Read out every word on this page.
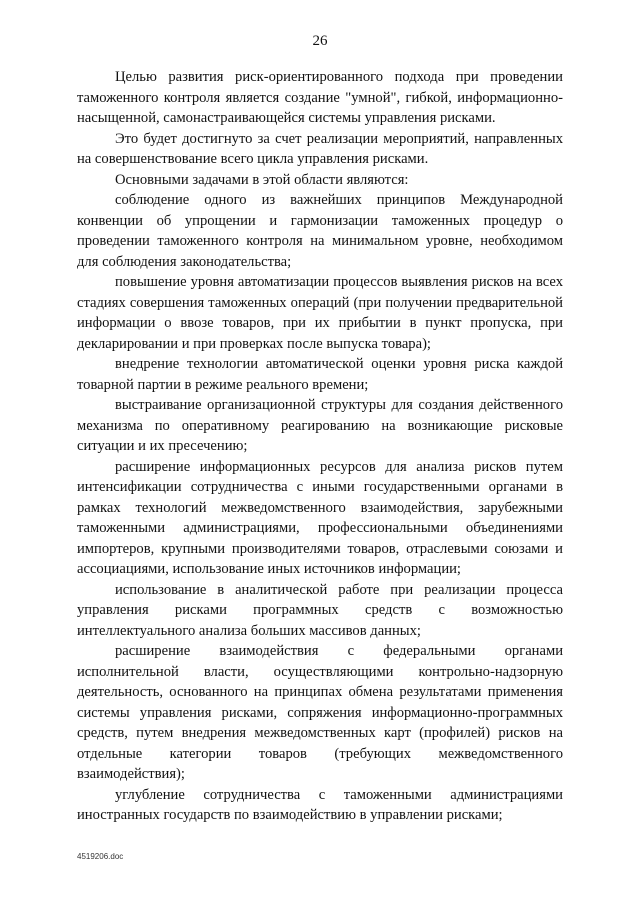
26

Целью развития риск-ориентированного подхода при проведении таможенного контроля является создание "умной", гибкой, информационно-насыщенной, самонастраивающейся системы управления рисками.

Это будет достигнуто за счет реализации мероприятий, направленных на совершенствование всего цикла управления рисками.

Основными задачами в этой области являются:

соблюдение одного из важнейших принципов Международной конвенции об упрощении и гармонизации таможенных процедур о проведении таможенного контроля на минимальном уровне, необходимом для соблюдения законодательства;

повышение уровня автоматизации процессов выявления рисков на всех стадиях совершения таможенных операций (при получении предварительной информации о ввозе товаров, при их прибытии в пункт пропуска, при декларировании и при проверках после выпуска товара);

внедрение технологии автоматической оценки уровня риска каждой товарной партии в режиме реального времени;

выстраивание организационной структуры для создания действенного механизма по оперативному реагированию на возникающие рисковые ситуации и их пресечению;

расширение информационных ресурсов для анализа рисков путем интенсификации сотрудничества с иными государственными органами в рамках технологий межведомственного взаимодействия, зарубежными таможенными администрациями, профессиональными объединениями импортеров, крупными производителями товаров, отраслевыми союзами и ассоциациями, использование иных источников информации;

использование в аналитической работе при реализации процесса управления рисками программных средств с возможностью интеллектуального анализа больших массивов данных;

расширение взаимодействия с федеральными органами исполнительной власти, осуществляющими контрольно-надзорную деятельность, основанного на принципах обмена результатами применения системы управления рисками, сопряжения информационно-программных средств, путем внедрения межведомственных карт (профилей) рисков на отдельные категории товаров (требующих межведомственного взаимодействия);

углубление сотрудничества с таможенными администрациями иностранных государств по взаимодействию в управлении рисками;

4519206.doc
